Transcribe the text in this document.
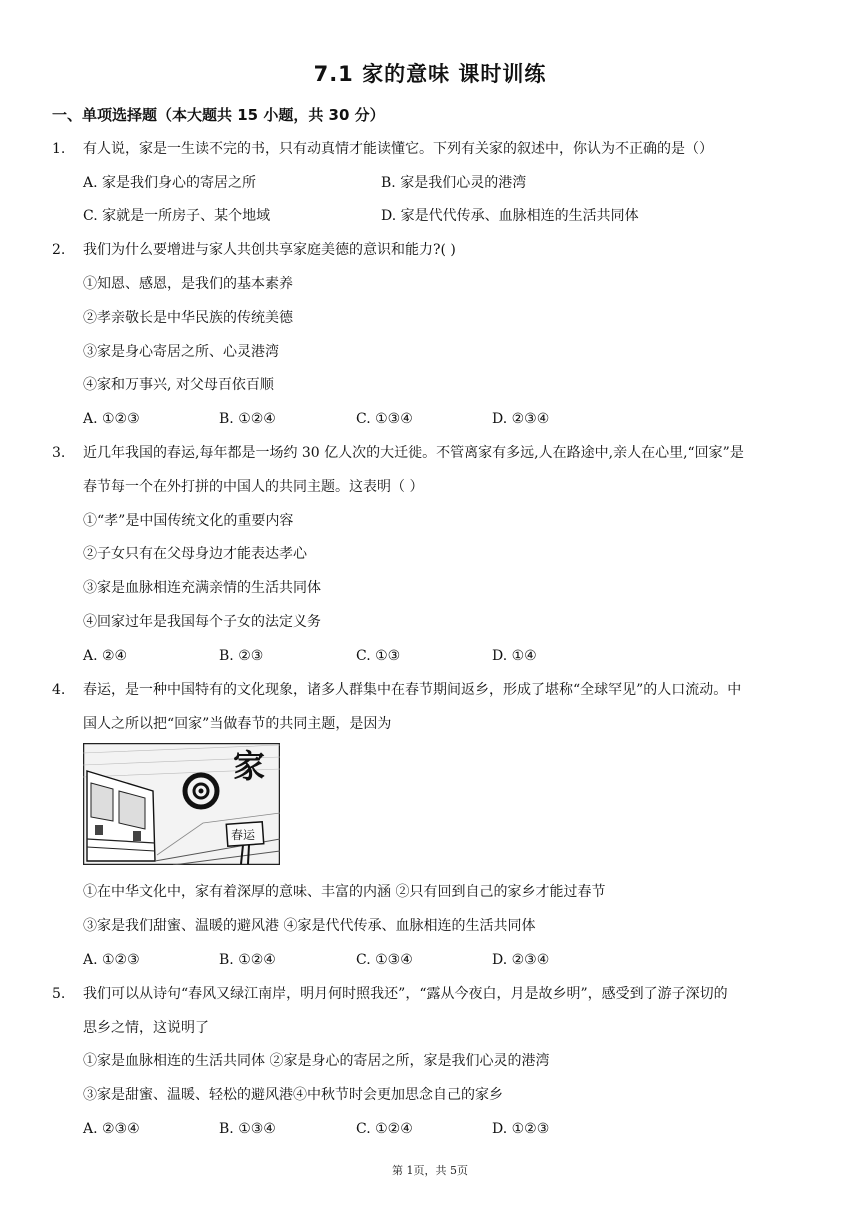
7.1 家的意味 课时训练
一、单项选择题（本大题共 15 小题，共 30 分）
1. 有人说，家是一生读不完的书，只有动真情才能读懂它。下列有关家的叙述中，你认为不正确的是（）
A. 家是我们身心的寄居之所	B. 家是我们心灵的港湾
C. 家就是一所房子、某个地域	D. 家是代代传承、血脉相连的生活共同体
2. 我们为什么要增进与家人共创共享家庭美德的意识和能力?( )
①知恩、感恩，是我们的基本素养
②孝亲敬长是中华民族的传统美德
③家是身心寄居之所、心灵港湾
④家和万事兴, 对父母百依百顺
A. ①②③	B. ①②④	C. ①③④	D. ②③④
3. 近几年我国的春运,每年都是一场约 30 亿人次的大迁徙。不管离家有多远,人在路途中,亲人在心里,“回家”是
春节每一个在外打拼的中国人的共同主题。这表明（ ）
①“孝”是中国传统文化的重要内容
②子女只有在父母身边才能表达孝心
③家是血脉相连充满亲情的生活共同体
④回家过年是我国每个子女的法定义务
A. ②④	B. ②③	C. ①③	D. ①④
4. 春运，是一种中国特有的文化现象，诸多人群集中在春节期间返乡，形成了堪称“全球罕见”的人口流动。中
国人之所以把“回家”当做春节的共同主题，是因为
家
春运
①在中华文化中，家有着深厚的意味、丰富的内涵 ②只有回到自己的家乡才能过春节
③家是我们甜蜜、温暖的避风港 ④家是代代传承、血脉相连的生活共同体
A. ①②③	B. ①②④	C. ①③④	D. ②③④
5. 我们可以从诗句“春风又绿江南岸，明月何时照我还”，“露从今夜白，月是故乡明”，感受到了游子深切的
思乡之情，这说明了
①家是血脉相连的生活共同体 ②家是身心的寄居之所，家是我们心灵的港湾
③家是甜蜜、温暖、轻松的避风港④中秋节时会更加思念自己的家乡
A. ②③④	B. ①③④	C. ①②④	D. ①②③
第 1页，共 5页
